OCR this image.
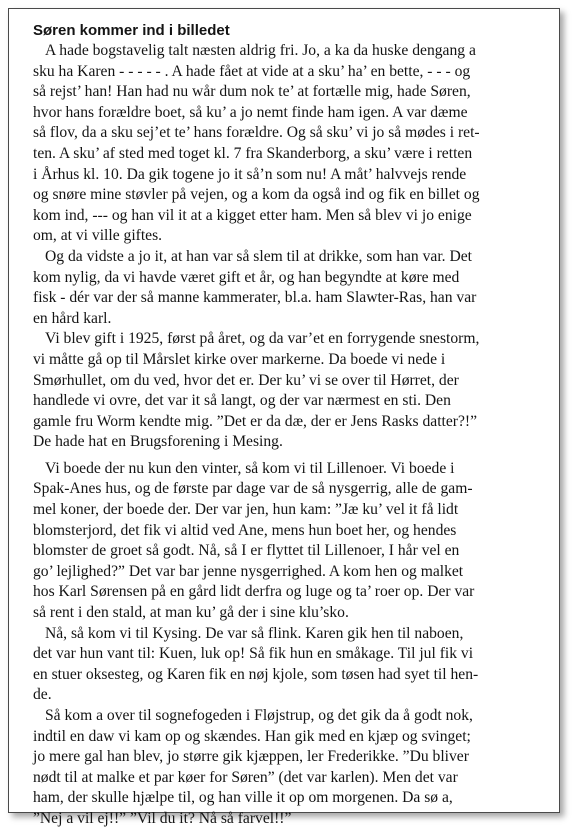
Søren kommer ind i billedet
A hade bogstavelig talt næsten aldrig fri. Jo, a ka da huske dengang a
sku ha Karen - - - - - . A hade fået at vide at a sku’ ha’ en bette, - - - og
så rejst’ han! Han had nu wår dum nok te’ at fortælle mig, hade Søren,
hvor hans forældre boet, så ku’ a jo nemt finde ham igen. A var dæme
så flov, da a sku sej’et te’ hans forældre. Og så sku’ vi jo så mødes i ret-
ten. A sku’ af sted med toget kl. 7 fra Skanderborg, a sku’ være i retten
i Århus kl. 10. Da gik togene jo it så’n som nu! A måt’ halvvejs rende
og snøre mine støvler på vejen, og a kom da også ind og fik en billet og
kom ind, --- og han vil it at a kigget etter ham. Men så blev vi jo enige
om, at vi ville giftes.
Og da vidste a jo it, at han var så slem til at drikke, som han var. Det
kom nylig, da vi havde været gift et år, og han begyndte at køre med
fisk - dér var der så manne kammerater, bl.a. ham Slawter-Ras, han var
en hård karl.
Vi blev gift i 1925, først på året, og da var’et en forrygende snestorm,
vi måtte gå op til Mårslet kirke over markerne. Da boede vi nede i
Smørhullet, om du ved, hvor det er. Der ku’ vi se over til Hørret, der
handlede vi ovre, det var it så langt, og der var nærmest en sti. Den
gamle fru Worm kendte mig. ”Det er da dæ, der er Jens Rasks datter?!”
De hade hat en Brugsforening i Mesing.
Vi boede der nu kun den vinter, så kom vi til Lillenoer. Vi boede i
Spak-Anes hus, og de første par dage var de så nysgerrig, alle de gam-
mel koner, der boede der. Der var jen, hun kam: ”Jæ ku’ vel it få lidt
blomsterjord, det fik vi altid ved Ane, mens hun boet her, og hendes
blomster de groet så godt. Nå, så I er flyttet til Lillenoer, I hår vel en
go’ lejlighed?” Det var bar jenne nysgerrighed. A kom hen og malket
hos Karl Sørensen på en gård lidt derfra og luge og ta’ roer op. Der var
så rent i den stald, at man ku’ gå der i sine klu’sko.
Nå, så kom vi til Kysing. De var så flink. Karen gik hen til naboen,
det var hun vant til: Kuen, luk op! Så fik hun en småkage. Til jul fik vi
en stuer oksesteg, og Karen fik en nøj kjole, som tøsen had syet til hen-
de.
Så kom a over til sognefogeden i Fløjstrup, og det gik da å godt nok,
indtil en daw vi kam op og skændes. Han gik med en kjæp og svinget;
jo mere gal han blev, jo større gik kjæppen, ler Frederikke. ”Du bliver
nødt til at malke et par køer for Søren” (det var karlen). Men det var
ham, der skulle hjælpe til, og han ville it op om morgenen. Da sø a,
”Nej a vil ej!!” ”Vil du it? Nå så farvel!!”
